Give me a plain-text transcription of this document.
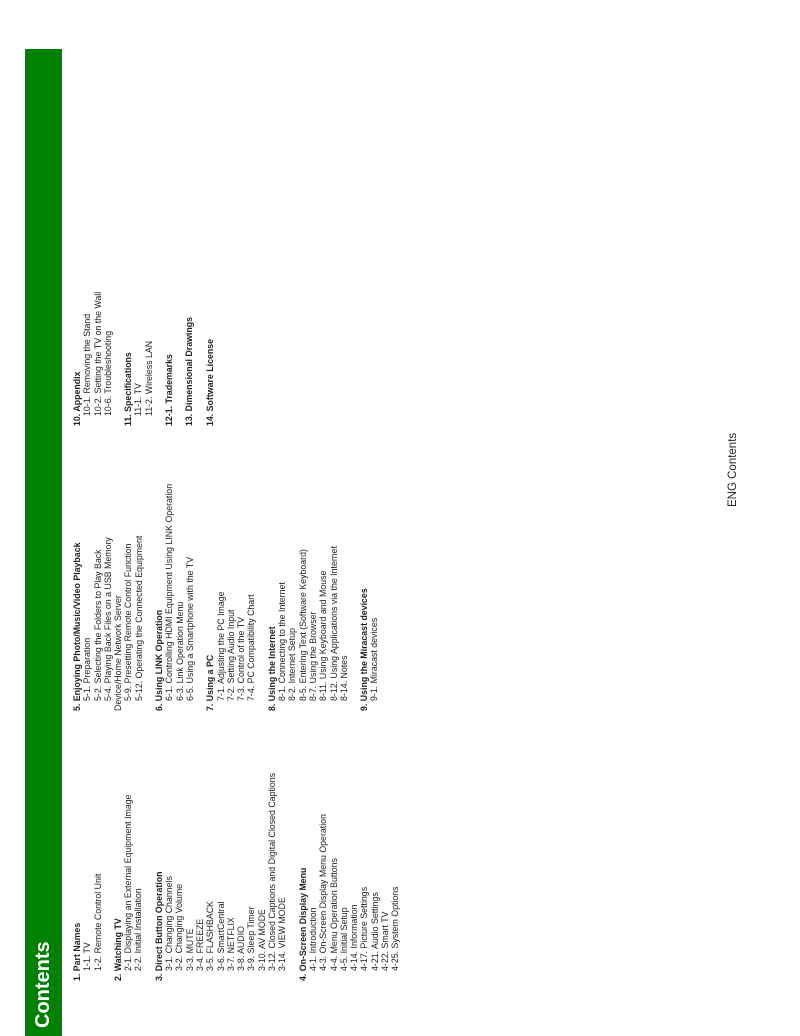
Contents	1. Part Names 1-1. TV 1-2. Remote Control Unit 2. Watching TV 2-1. Displaying an External Equipment Image 2-2. Initial Installation 3. Direct Button Operation 3-1. Changing Channels 3-2. Changing Volume 3-3. MUTE 3-4. FREEZE 3-5. FLASHBACK 3-6. SmartCentral 3-7. NETFLIX 3-8. AUDIO 3-9. Sleep Timer 3-10. AV MODE 3-12. Closed Captions and Digital Closed Captions 3-14. VIEW MODE 4. On-Screen Display Menu 4-1. Introduction 4-3. On-Screen Display Menu Operation 4-4. Menu Operation Buttons 4-5. Initial Setup 4-14. Information 4-17. Picture Settings 4-21. Audio Settings 4-22. Smart TV 4-25. System Options
5. Enjoying Photo/Music/Video Playback 5-1. Preparation 5-2. Selecting the Folders to Play Back 5-4. Playing Back Files on a USB Memory Device/Home Network Server 5-9. Presetting Remote Control Function 5-12. Operating the Connected Equipment 6. Using LINK Operation 6-1. Controlling HDMI Equipment Using LINK Operation 6-3. Link Operation Menu 6-5. Using a Smartphone with the TV 7. Using a PC 7-1. Adjusting the PC Image 7-2. Setting Audio Input 7-3. Control of the TV 7-4. PC Compatibility Chart 8. Using the Internet 8-1. Connecting to the Internet 8-2. Internet Setup 8-5. Entering Text (Software Keyboard) 8-7. Using the Browser 8-11. Using Keyboard and Mouse 8-12. Using Applications via the Internet 8-14. Notes 9. Using the Miracast devices 9-1. Miracast devices
10. Appendix 10-1. Removing the Stand 10-2. Setting the TV on the Wall 10-6. Troubleshooting 11. Specifications 11-1. TV 11-2. Wireless LAN 12-1. Trademarks 13. Dimensional Drawings 14. Software License
ENG Contents
